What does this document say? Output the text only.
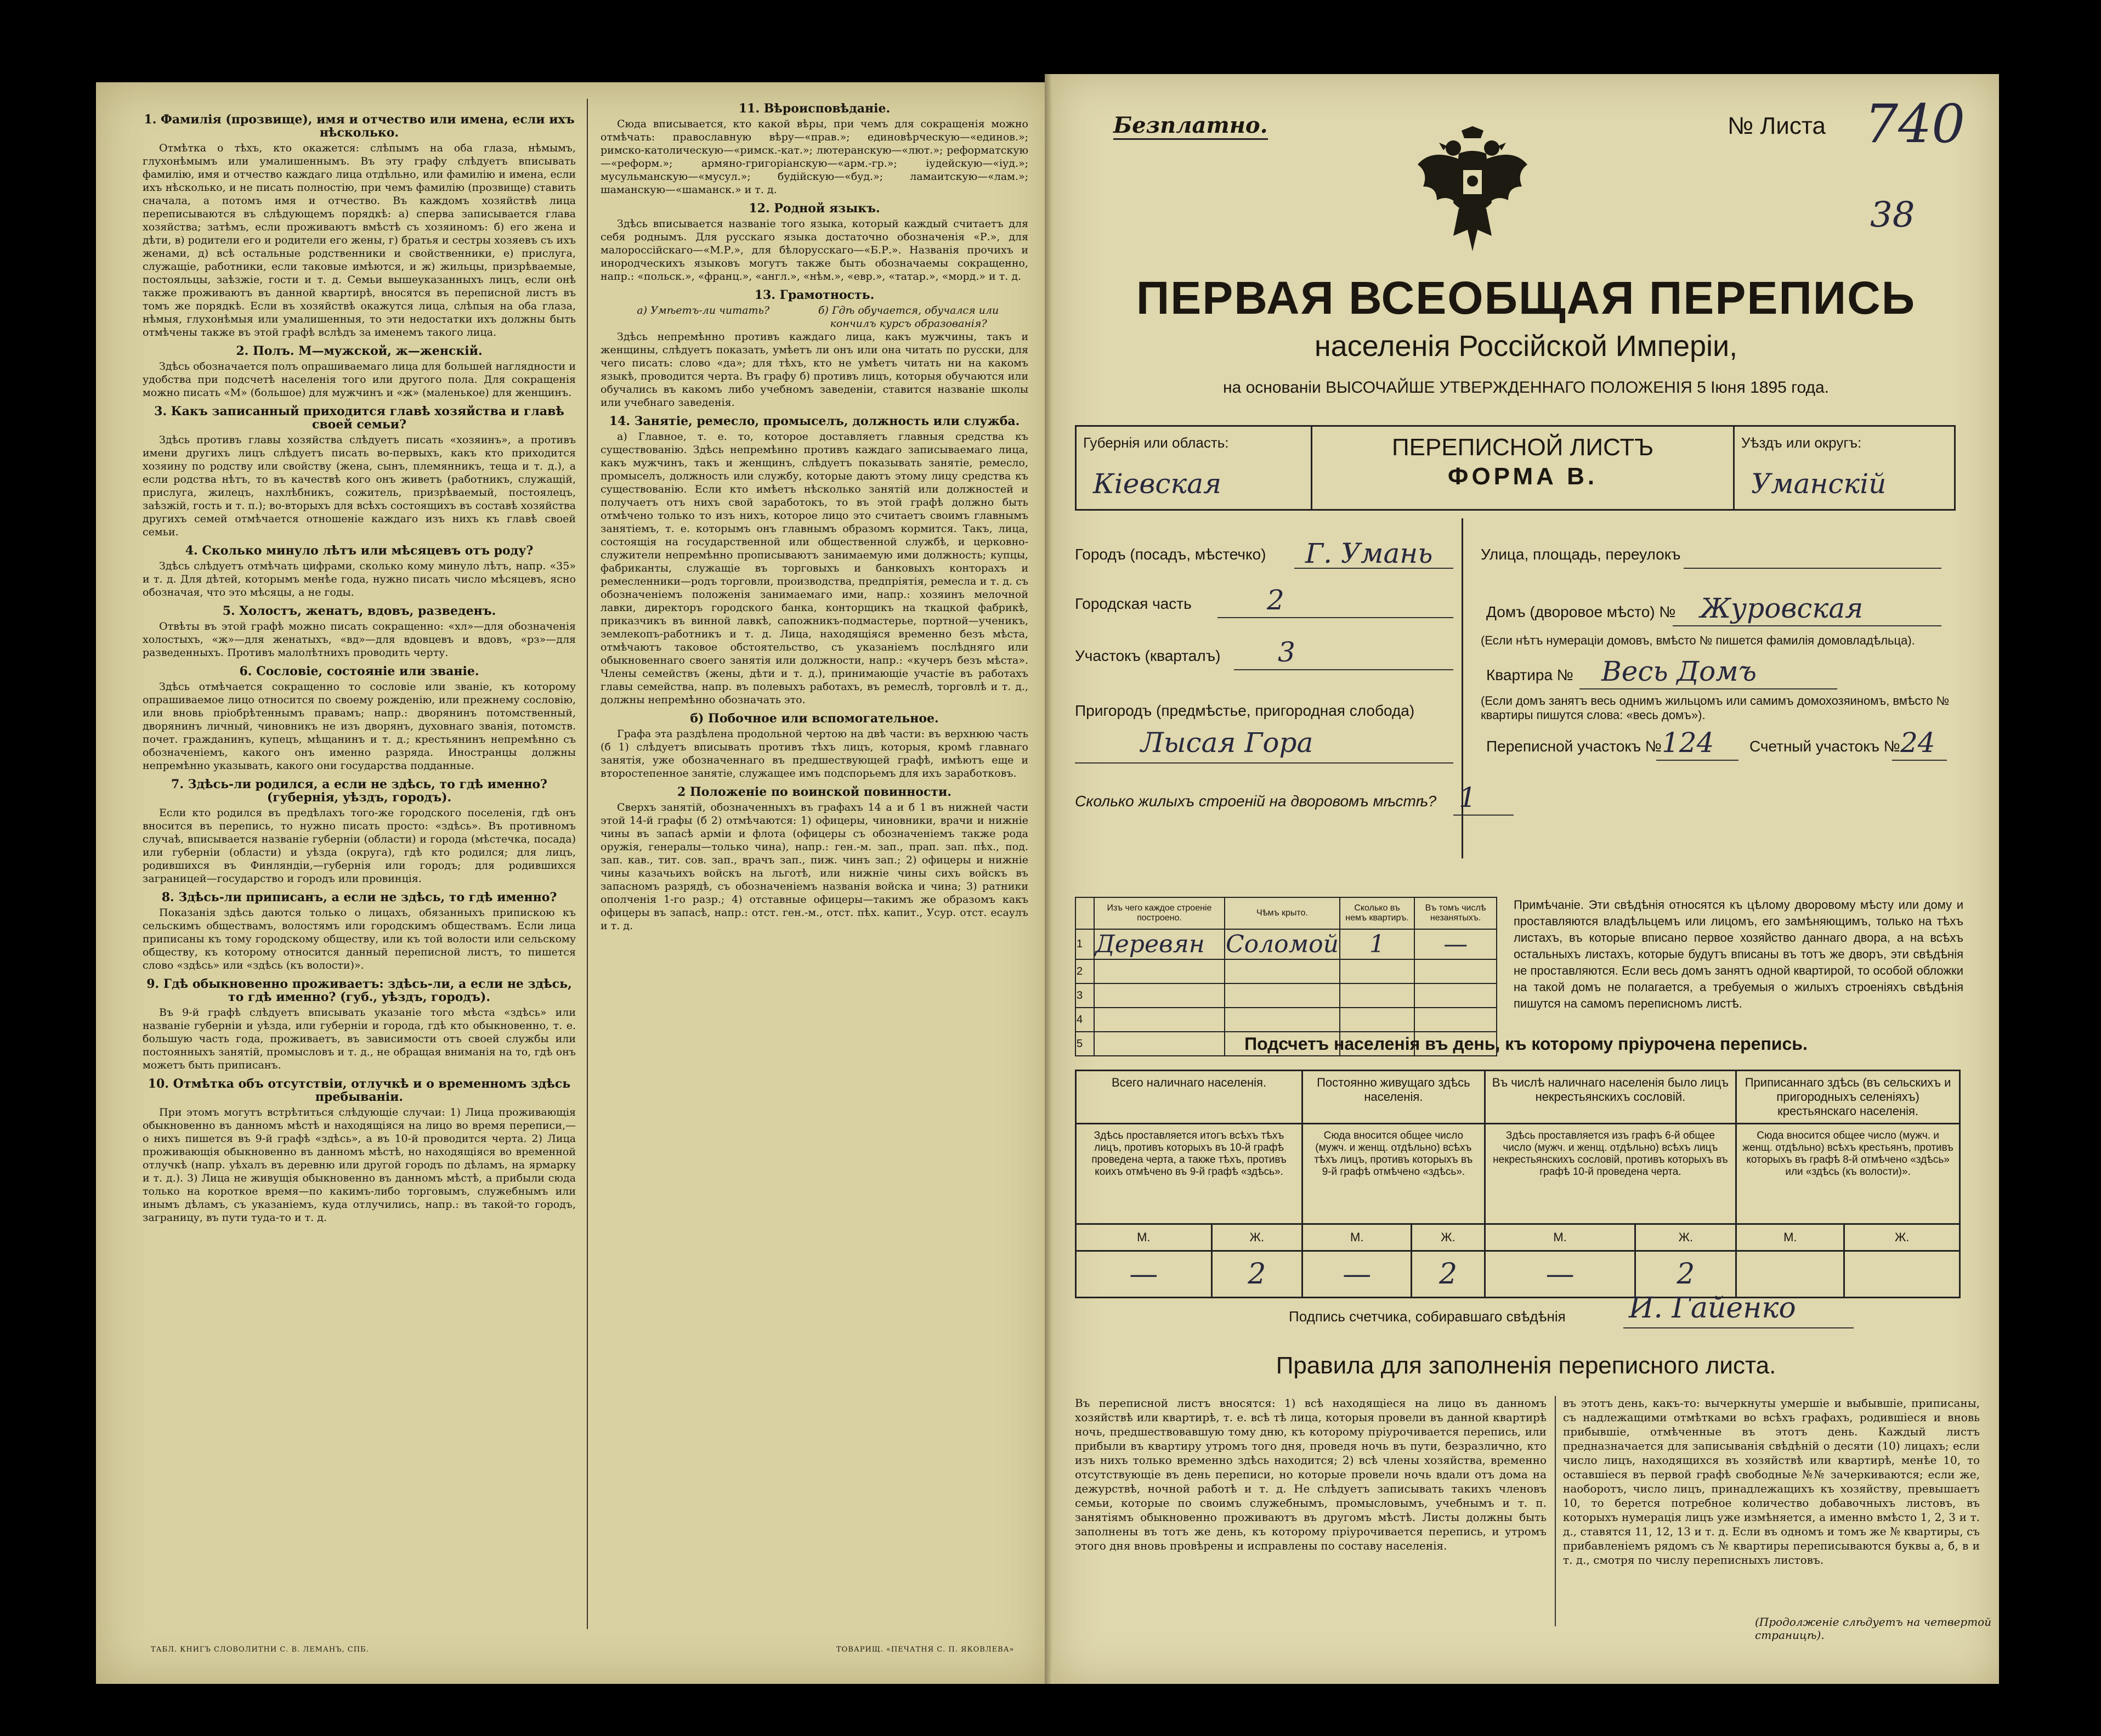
1. Фамилія (прозвище), имя и отчество или имена, если ихъ нѣсколько.

Отмѣтка о тѣхъ, кто окажется: слѣпымъ на оба глаза, нѣмымъ, глухонѣмымъ или умалишеннымъ. Въ эту графу слѣдуетъ вписывать фамилію, имя и отчество каждаго лица отдѣльно, или фамилію и имена, если ихъ нѣсколько, и не писать полностію, при чемъ фамилію (прозвище) ставить сначала, а потомъ имя и отчество. Въ каждомъ хозяйствѣ лица переписываются въ слѣдующемъ порядкѣ: а) сперва записывается глава хозяйства; затѣмъ, если проживаютъ вмѣстѣ съ хозяиномъ: б) его жена и дѣти, в) родители его и родители его жены, г) братья и сестры хозяевъ съ ихъ женами, д) всѣ остальные родственники и свойственники, е) прислуга, служащіе, работники, если таковые имѣются, и ж) жильцы, призрѣваемые, постояльцы, заѣзжіе, гости и т. д. Семьи вышеуказанныхъ лицъ, если онѣ также проживаютъ въ данной квартирѣ, вносятся въ переписной листъ въ томъ же порядкѣ. Если въ хозяйствѣ окажутся лица, слѣпыя на оба глаза, нѣмыя, глухонѣмыя или умалишенныя, то эти недостатки ихъ должны быть отмѣчены также въ этой графѣ вслѣдъ за именемъ такого лица.

2. Полъ. М—мужской, ж—женскій.

Здѣсь обозначается полъ опрашиваемаго лица для большей наглядности и удобства при подсчетѣ населенія того или другого пола. Для сокращенія можно писать «М» (большое) для мужчинъ и «ж» (маленькое) для женщинъ.

3. Какъ записанный приходится главѣ хозяйства и главѣ своей семьи?

Здѣсь противъ главы хозяйства слѣдуетъ писать «хозяинъ», а противъ имени другихъ лицъ слѣдуетъ писать во-первыхъ, какъ кто приходится хозяину по родству или свойству (жена, сынъ, племянникъ, теща и т. д.), а если родства нѣтъ, то въ качествѣ кого онъ живетъ (работникъ, служащій, прислуга, жилецъ, нахлѣбникъ, сожитель, призрѣваемый, постоялецъ, заѣзжій, гость и т. п.); во-вторыхъ для всѣхъ состоящихъ въ составѣ хозяйства другихъ семей отмѣчается отношеніе каждаго изъ нихъ къ главѣ своей семьи.

4. Сколько минуло лѣтъ или мѣсяцевъ отъ роду?

Здѣсь слѣдуетъ отмѣчать цифрами, сколько кому минуло лѣтъ, напр. «35» и т. д. Для дѣтей, которымъ менѣе года, нужно писать число мѣсяцевъ, ясно обозначая, что это мѣсяцы, а не годы.

5. Холостъ, женатъ, вдовъ, разведенъ.

Отвѣты въ этой графѣ можно писать сокращенно: «хл»—для обозначенія холостыхъ, «ж»—для женатыхъ, «вд»—для вдовцевъ и вдовъ, «рз»—для разведенныхъ. Противъ малолѣтнихъ проводить черту.

6. Сословіе, состояніе или званіе.

Здѣсь отмѣчается сокращенно то сословіе или званіе, къ которому опрашиваемое лицо относится по своему рожденію, или прежнему сословію, или вновь пріобрѣтеннымъ правамъ; напр.: дворянинъ потомственный, дворянинъ личный, чиновникъ не изъ дворянъ, духовнаго званія, потомств. почет. гражданинъ, купецъ, мѣщанинъ и т. д.; крестьянинъ непремѣнно съ обозначеніемъ, какого онъ именно разряда. Иностранцы должны непремѣнно указывать, какого они государства подданные.

7. Здѣсь-ли родился, а если не здѣсь, то гдѣ именно? (губернія, уѣздъ, городъ).

Если кто родился въ предѣлахъ того-же городского поселенія, гдѣ онъ вносится въ перепись, то нужно писать просто: «здѣсь». Въ противномъ случаѣ, вписывается названіе губерніи (области) и города (мѣстечка, посада) или губерніи (области) и уѣзда (округа), гдѣ кто родился; для лицъ, родившихся въ Финляндіи,—губернія или городъ; для родившихся заграницей—государство и городъ или провинція.

8. Здѣсь-ли приписанъ, а если не здѣсь, то гдѣ именно?

Показанія здѣсь даются только о лицахъ, обязанныхъ припискою къ сельскимъ обществамъ, волостямъ или городскимъ обществамъ. Если лица приписаны къ тому городскому обществу, или къ той волости или сельскому обществу, къ которому относится данный переписной листъ, то пишется слово «здѣсь» или «здѣсь (къ волости)».

9. Гдѣ обыкновенно проживаетъ: здѣсь-ли, а если не здѣсь, то гдѣ именно? (губ., уѣздъ, городъ).

Въ 9-й графѣ слѣдуетъ вписывать указаніе того мѣста «здѣсь» или названіе губерніи и уѣзда, или губерніи и города, гдѣ кто обыкновенно, т. е. большую часть года, проживаетъ, въ зависимости отъ своей службы или постоянныхъ занятій, промысловъ и т. д., не обращая вниманія на то, гдѣ онъ можетъ быть приписанъ.

10. Отмѣтка объ отсутствіи, отлучкѣ и о временномъ здѣсь пребываніи.

При этомъ могутъ встрѣтиться слѣдующіе случаи: 1) Лица проживающія обыкновенно въ данномъ мѣстѣ и находящіяся на лицо во время переписи,—о нихъ пишется въ 9-й графѣ «здѣсь», а въ 10-й проводится черта. 2) Лица проживающія обыкновенно въ данномъ мѣстѣ, но находящіяся во временной отлучкѣ (напр. уѣхалъ въ деревню или другой городъ по дѣламъ, на ярмарку и т. д.). 3) Лица не живущія обыкновенно въ данномъ мѣстѣ, а прибыли сюда только на короткое время—по какимъ-либо торговымъ, служебнымъ или инымъ дѣламъ, съ указаніемъ, куда отлучились, напр.: въ такой-то городъ, заграницу, въ пути туда-то и т. д.

11. Вѣроисповѣданіе.

Сюда вписывается, кто какой вѣры, при чемъ для сокращенія можно отмѣчать: православную вѣру—«прав.»; единовѣрческую—«единов.»; римско-католическую—«римск.-кат.»; лютеранскую—«лют.»; реформатскую—«реформ.»; армяно-григоріанскую—«арм.-гр.»; іудейскую—«іуд.»; мусульманскую—«мусул.»; будійскую—«буд.»; ламаитскую—«лам.»; шаманскую—«шаманск.» и т. д.

12. Родной языкъ.

Здѣсь вписывается названіе того языка, который каждый считаетъ для себя роднымъ. Для русскаго языка достаточно обозначенія «Р.», для малороссійскаго—«М.Р.», для бѣлорусскаго—«Б.Р.». Названія прочихъ и инородческихъ языковъ могутъ также быть обозначаемы сокращенно, напр.: «польск.», «франц.», «англ.», «нѣм.», «евр.», «татар.», «морд.» и т. д.

13. Грамотность.
а) Умѣетъ-ли читать?	б) Гдѣ обучается, обучался или кончилъ курсъ образованія?

Здѣсь непремѣнно противъ каждаго лица, какъ мужчины, такъ и женщины, слѣдуетъ показать, умѣетъ ли онъ или она читать по русски, для чего писать: слово «да»; для тѣхъ, кто не умѣетъ читать ни на какомъ языкѣ, проводится черта. Въ графу б) противъ лицъ, которыя обучаются или обучались въ какомъ либо учебномъ заведеніи, ставится названіе школы или учебнаго заведенія.

14. Занятіе, ремесло, промыселъ, должность или служба.

а) Главное, т. е. то, которое доставляетъ главныя средства къ существованію. Здѣсь непремѣнно противъ каждаго записываемаго лица, какъ мужчинъ, такъ и женщинъ, слѣдуетъ показывать занятіе, ремесло, промыселъ, должность или службу, которые даютъ этому лицу средства къ существованію. Если кто имѣетъ нѣсколько занятій или должностей и получаетъ отъ нихъ свой заработокъ, то въ этой графѣ должно быть отмѣчено только то изъ нихъ, которое лицо это считаетъ своимъ главнымъ занятіемъ, т. е. которымъ онъ главнымъ образомъ кормится. Такъ, лица, состоящія на государственной или общественной службѣ, и церковно-служители непремѣнно прописываютъ занимаемую ими должность; купцы, фабриканты, служащіе въ торговыхъ и банковыхъ конторахъ и ремесленники—родъ торговли, производства, предпріятія, ремесла и т. д. съ обозначеніемъ положенія занимаемаго ими, напр.: хозяинъ мелочной лавки, директоръ городского банка, конторщикъ на ткацкой фабрикѣ, приказчикъ въ винной лавкѣ, сапожникъ-подмастерье, портной—ученикъ, землекопъ-работникъ и т. д. Лица, находящіяся временно безъ мѣста, отмѣчаютъ таковое обстоятельство, съ указаніемъ послѣдняго или обыкновеннаго своего занятія или должности, напр.: «кучеръ безъ мѣста». Члены семействъ (жены, дѣти и т. д.), принимающіе участіе въ работахъ главы семейства, напр. въ полевыхъ работахъ, въ ремеслѣ, торговлѣ и т. д., должны непремѣнно обозначать это.

б) Побочное или вспомогательное.

Графа эта раздѣлена продольной чертою на двѣ части: въ верхнюю часть (б 1) слѣдуетъ вписывать противъ тѣхъ лицъ, которыя, кромѣ главнаго занятія, уже обозначеннаго въ предшествующей графѣ, имѣютъ еще и второстепенное занятіе, служащее имъ подспорьемъ для ихъ заработковъ.

2 Положеніе по воинской повинности.

Сверхъ занятій, обозначенныхъ въ графахъ 14 а и б 1 въ нижней части этой 14-й графы (б 2) отмѣчаются: 1) офицеры, чиновники, врачи и нижніе чины въ запасѣ арміи и флота (офицеры съ обозначеніемъ также рода оружія, генералы—только чина), напр.: ген.-м. зап., прап. зап. пѣх., под. зап. кав., тит. сов. зап., врачъ зап., пиж. чинъ зап.; 2) офицеры и нижніе чины казачьихъ войскъ на льготѣ, или нижніе чины сихъ войскъ въ запасномъ разрядѣ, съ обозначеніемъ названія войска и чина; 3) ратники ополченія 1-го разр.; 4) отставные офицеры—такимъ же образомъ какъ офицеры въ запасѣ, напр.: отст. ген.-м., отст. пѣх. капит., Усур. отст. есаулъ и т. д.

ТАБЛ. КНИГЪ СЛОВОЛИТНИ С. В. ЛЕМАНЪ, СПБ.	ТОВАРИЩ. «ПЕЧАТНЯ С. П. ЯКОВЛЕВА»
Безплатно.	№ Листа 740
38
ПЕРВАЯ ВСЕОБЩАЯ ПЕРЕПИСЬ
населенія Россійской Имперіи,
на основаніи ВЫСОЧАЙШЕ УТВЕРЖДЕННАГО ПОЛОЖЕНІЯ 5 Іюня 1895 года.
Губернія или область:
Кіевская
ПЕРЕПИСНОЙ ЛИСТЪ
ФОРМА В.
Уѣздъ или округъ:
Уманскій
Городъ (посадъ, мѣстечко) Г. Умань
Городская часть	2
Участокъ (кварталъ) 3
Пригородъ (предмѣстье, пригородная слобода)
Лысая Гора
Улица, площадь, переулокъ
Домъ (дворовое мѣсто) № Журовская
(Если нѣтъ нумераціи домовъ, вмѣсто № пишется фамилія домовладѣльца).
Квартира № Весь Домъ
(Если домъ занятъ весь однимъ жильцомъ или самимъ домохозяиномъ, вмѣсто № квартиры пишутся слова: «весь домъ»).
Переписной участокъ № 124 Счетный участокъ № 24
Сколько жилыхъ строеній на дворовомъ мѣстѣ? 1
	Изъ чего каждое строеніе построено.	Чѣмъ крыто.	Сколько въ немъ квартиръ.	Въ томъ числѣ незанятыхъ.
1	Деревян	Соломой	1	—
2				
3				
4				
5				
Примѣчаніе. Эти свѣдѣнія относятся къ цѣлому дворовому мѣсту или дому и проставляются владѣльцемъ или лицомъ, его замѣняющимъ, только на тѣхъ листахъ, въ которые вписано первое хозяйство даннаго двора, а на всѣхъ остальныхъ листахъ, которые будутъ вписаны въ тотъ же дворъ, эти свѣдѣнія не проставляются. Если весь домъ занятъ одной квартирой, то особой обложки на такой домъ не полагается, а требуемыя о жилыхъ строеніяхъ свѣдѣнія пишутся на самомъ переписномъ листѣ.
Подсчетъ населенія въ день, къ которому пріурочена перепись.
Всего наличнаго населенія.		Постоянно живущаго здѣсь населенія.		Въ числѣ наличнаго населенія было лицъ некрестьянскихъ сословій.		Приписаннаго здѣсь (въ сельскихъ и пригородныхъ селеніяхъ) крестьянскаго населенія.	
Здѣсь проставляется итогъ всѣхъ тѣхъ лицъ, противъ которыхъ въ 10-й графѣ проведена черта, а также тѣхъ, противъ коихъ отмѣчено въ 9-й графѣ «здѣсь».		Сюда вносится общее число (мужч. и женщ. отдѣльно) всѣхъ тѣхъ лицъ, противъ которыхъ въ 9-й графѣ отмѣчено «здѣсь».		Здѣсь проставляется изъ графъ 6-й общее число (мужч. и женщ. отдѣльно) всѣхъ лицъ некрестьянскихъ сословій, противъ которыхъ въ графѣ 10-й проведена черта.		Сюда вносится общее число (мужч. и женщ. отдѣльно) всѣхъ крестьянъ, противъ которыхъ въ графѣ 8-й отмѣчено «здѣсь» или «здѣсь (къ волости)».	
М.	Ж.	М.	Ж.	М.	Ж.	М.	Ж.
—	2	—	2	—	2		
Подпись счетчика, собиравшаго свѣдѣнія И. Гайенко
Правила для заполненія переписного листа.
Въ переписной листъ вносятся: 1) всѣ находящіеся на лицо въ данномъ хозяйствѣ или квартирѣ, т. е. всѣ тѣ лица, которыя провели въ данной квартирѣ ночь, предшествовавшую тому дню, къ которому пріурочивается перепись, или прибыли въ квартиру утромъ того дня, проведя ночь въ пути, безразлично, кто изъ нихъ только временно здѣсь находится; 2) всѣ члены хозяйства, временно отсутствующіе въ день переписи, но которые провели ночь вдали отъ дома на дежурствѣ, ночной работѣ и т. д. Не слѣдуетъ записывать такихъ членовъ семьи, которые по своимъ служебнымъ, промысловымъ, учебнымъ и т. п. занятіямъ обыкновенно проживаютъ въ другомъ мѣстѣ. Листы должны быть заполнены въ тотъ же день, къ которому пріурочивается перепись, и утромъ этого дня вновь провѣрены и исправлены по составу населенія.
въ этотъ день, какъ-то: вычеркнуты умершіе и выбывшіе, приписаны, съ надлежащими отмѣтками во всѣхъ графахъ, родившіеся и вновь прибывшіе, отмѣченные въ этотъ день. Каждый листъ предназначается для записыванія свѣдѣній о десяти (10) лицахъ; если число лицъ, находящихся въ хозяйствѣ или квартирѣ, менѣе 10, то оставшіеся въ первой графѣ свободные №№ зачеркиваются; если же, наоборотъ, число лицъ, принадлежащихъ къ хозяйству, превышаетъ 10, то берется потребное количество добавочныхъ листовъ, въ которыхъ нумерація лицъ уже измѣняется, а именно вмѣсто 1, 2, 3 и т. д., ставятся 11, 12, 13 и т. д. Если въ одномъ и томъ же № квартиры, съ прибавленіемъ рядомъ съ № квартиры переписываются буквы а, б, в и т. д., смотря по числу переписныхъ листовъ.
(Продолженіе слѣдуетъ на четвертой страницѣ).
